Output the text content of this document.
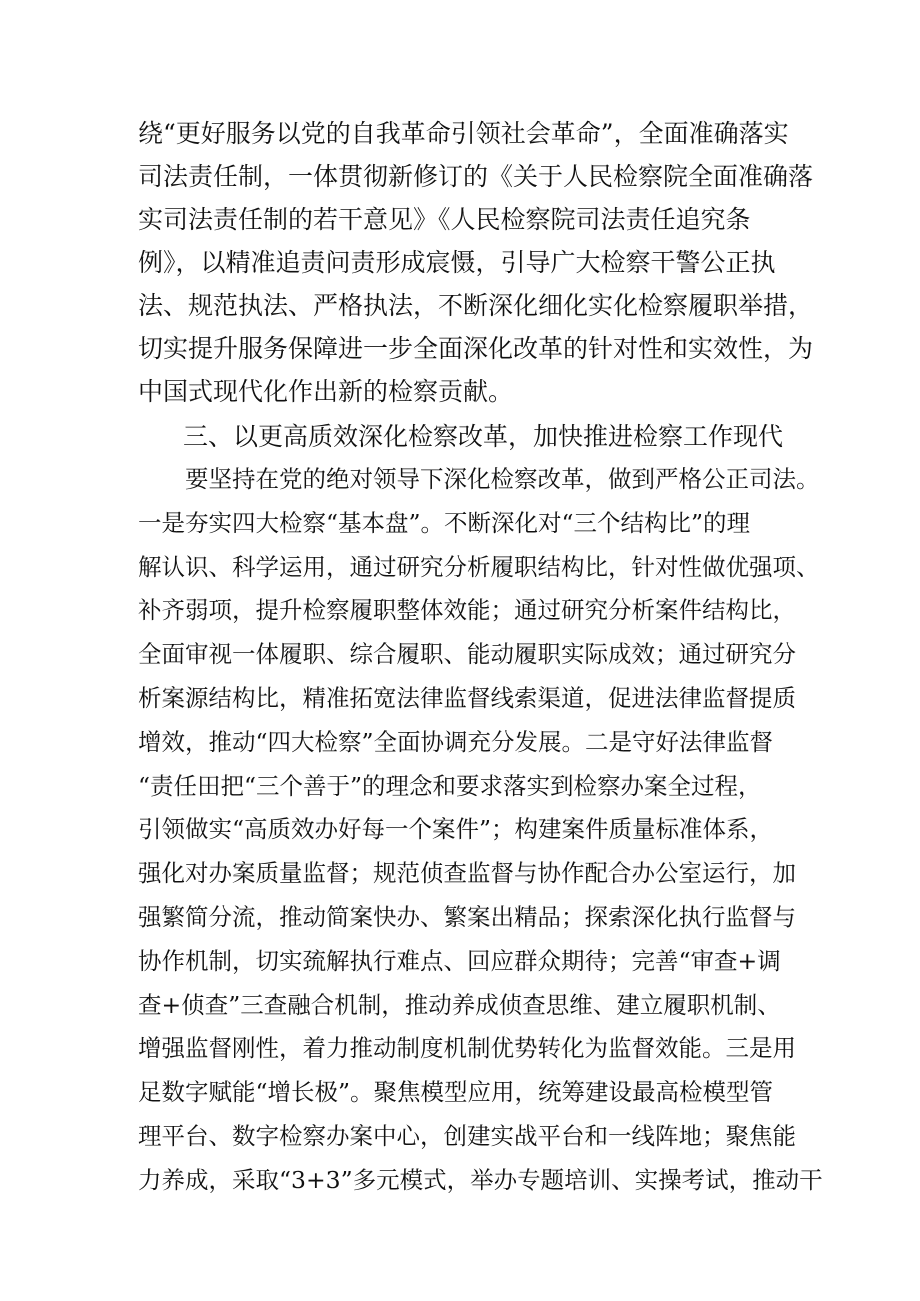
绕“更好服务以党的自我革命引领社会革命”，全面准确落实
司法责任制，一体贯彻新修订的《关于人民检察院全面准确落
实司法责任制的若干意见》《人民检察院司法责任追究条
例》，以精准追责问责形成宸慑，引导广大检察干警公正执
法、规范执法、严格执法，不断深化细化实化检察履职举措，
切实提升服务保障进一步全面深化改革的针对性和实效性，为
中国式现代化作出新的检察贡献。
三、以更高质效深化检察改革，加快推进检察工作现代
要坚持在党的绝对领导下深化检察改革，做到严格公正司法。
一是夯实四大检察“基本盘”。不断深化对“三个结构比”的理
解认识、科学运用，通过研究分析履职结构比，针对性做优强项、
补齐弱项，提升检察履职整体效能；通过研究分析案件结构比，
全面审视一体履职、综合履职、能动履职实际成效；通过研究分
析案源结构比，精准拓宽法律监督线索渠道，促进法律监督提质
增效，推动“四大检察”全面协调充分发展。二是守好法律监督
“责任田把“三个善于”的理念和要求落实到检察办案全过程，
引领做实“高质效办好每一个案件”；构建案件质量标准体系，
强化对办案质量监督；规范侦查监督与协作配合办公室运行，加
强繁简分流，推动简案快办、繁案出精品；探索深化执行监督与
协作机制，切实巯解执行难点、回应群众期待；完善“审查+调
查+侦查”三查融合机制，推动养成侦查思维、建立履职机制、
增强监督刚性，着力推动制度机制优势转化为监督效能。三是用
足数字赋能“增长极”。聚焦模型应用，统筹建设最高检模型管
理平台、数字检察办案中心，创建实战平台和一线阵地；聚焦能
力养成，采取“3+3”多元模式，举办专题培训、实操考试，推动干
